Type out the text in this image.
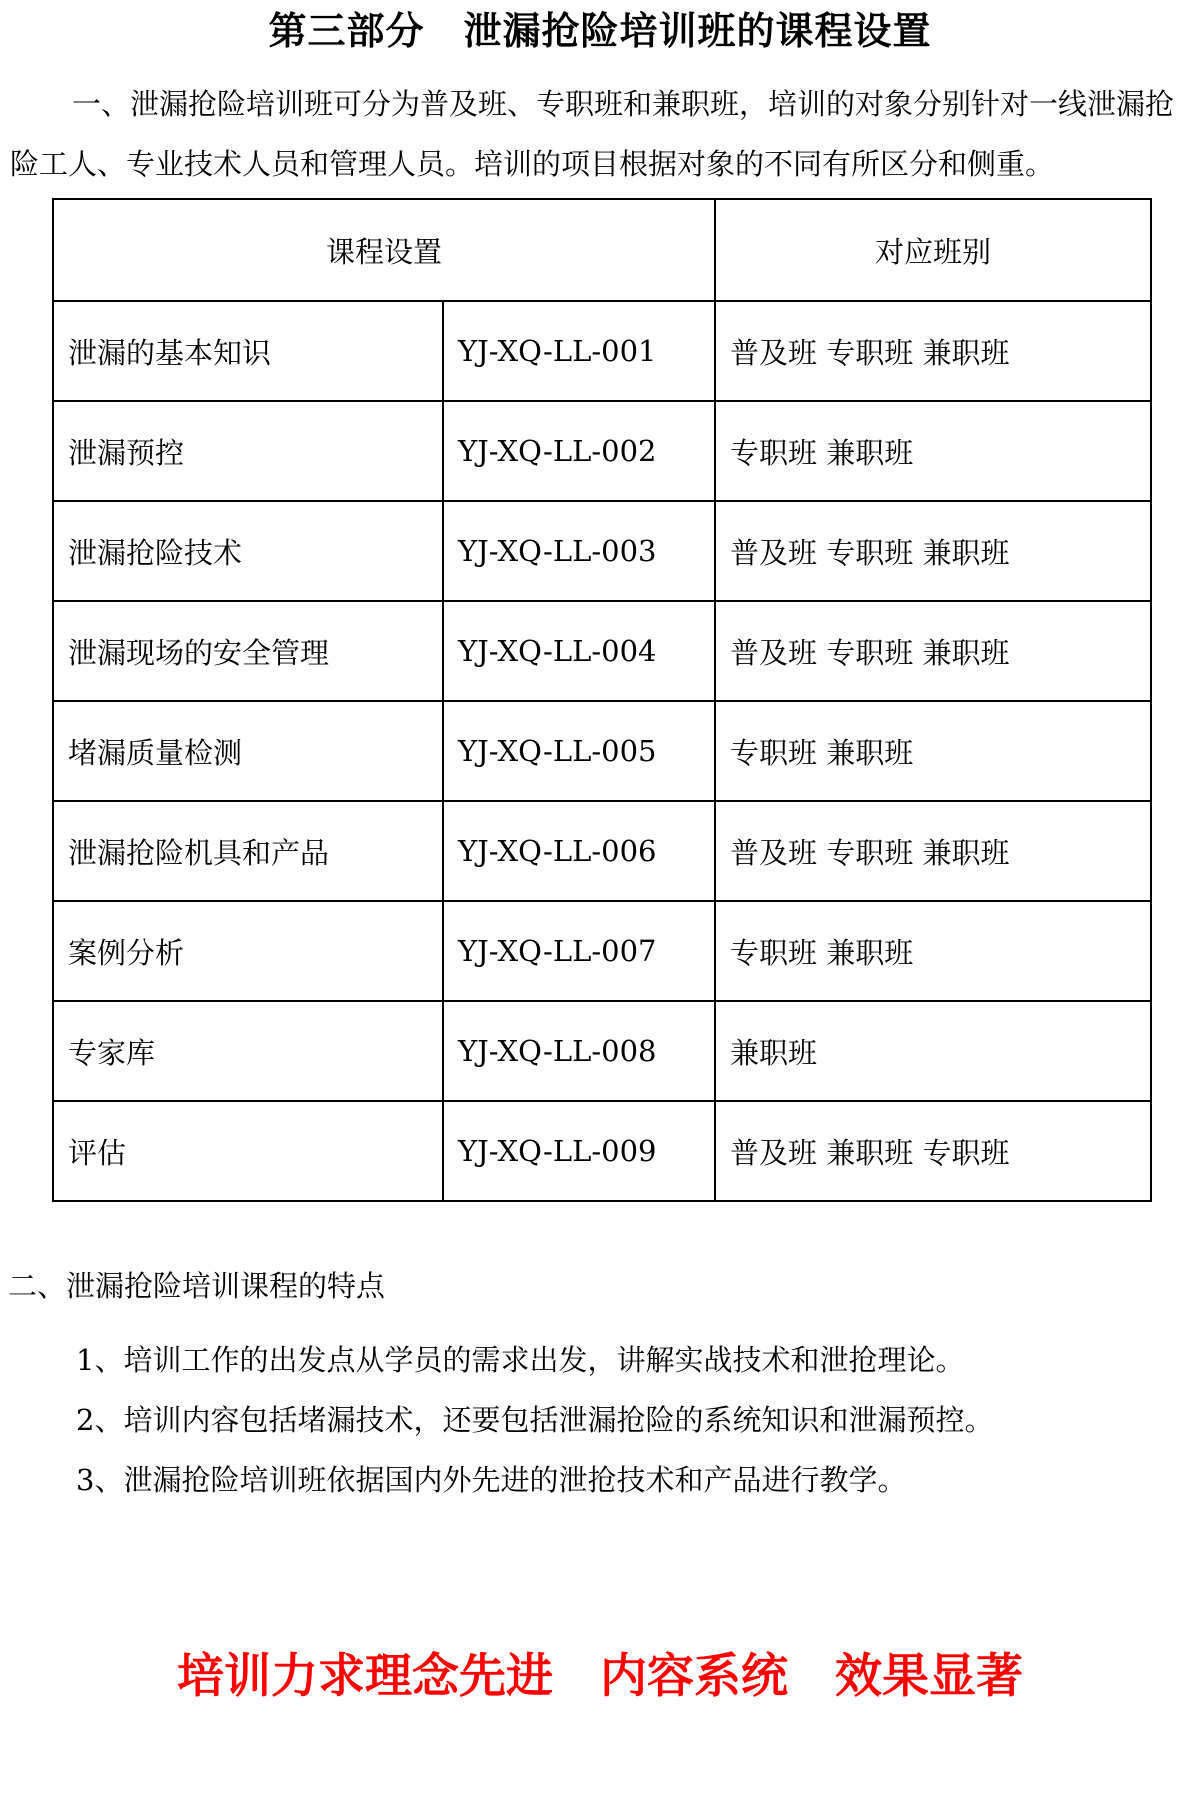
第三部分　泄漏抢险培训班的课程设置
一、泄漏抢险培训班可分为普及班、专职班和兼职班，培训的对象分别针对一线泄漏抢险工人、专业技术人员和管理人员。培训的项目根据对象的不同有所区分和侧重。
课程设置		对应班别
泄漏的基本知识	YJ-XQ-LL-001	普及班 专职班 兼职班
泄漏预控	YJ-XQ-LL-002	专职班 兼职班
泄漏抢险技术	YJ-XQ-LL-003	普及班 专职班 兼职班
泄漏现场的安全管理	YJ-XQ-LL-004	普及班 专职班 兼职班
堵漏质量检测	YJ-XQ-LL-005	专职班 兼职班
泄漏抢险机具和产品	YJ-XQ-LL-006	普及班 专职班 兼职班
案例分析	YJ-XQ-LL-007	专职班 兼职班
专家库	YJ-XQ-LL-008	兼职班
评估	YJ-XQ-LL-009	普及班 兼职班 专职班
二、泄漏抢险培训课程的特点
1、培训工作的出发点从学员的需求出发，讲解实战技术和泄抢理论。
2、培训内容包括堵漏技术，还要包括泄漏抢险的系统知识和泄漏预控。
3、泄漏抢险培训班依据国内外先进的泄抢技术和产品进行教学。
培训力求理念先进　内容系统　效果显著
